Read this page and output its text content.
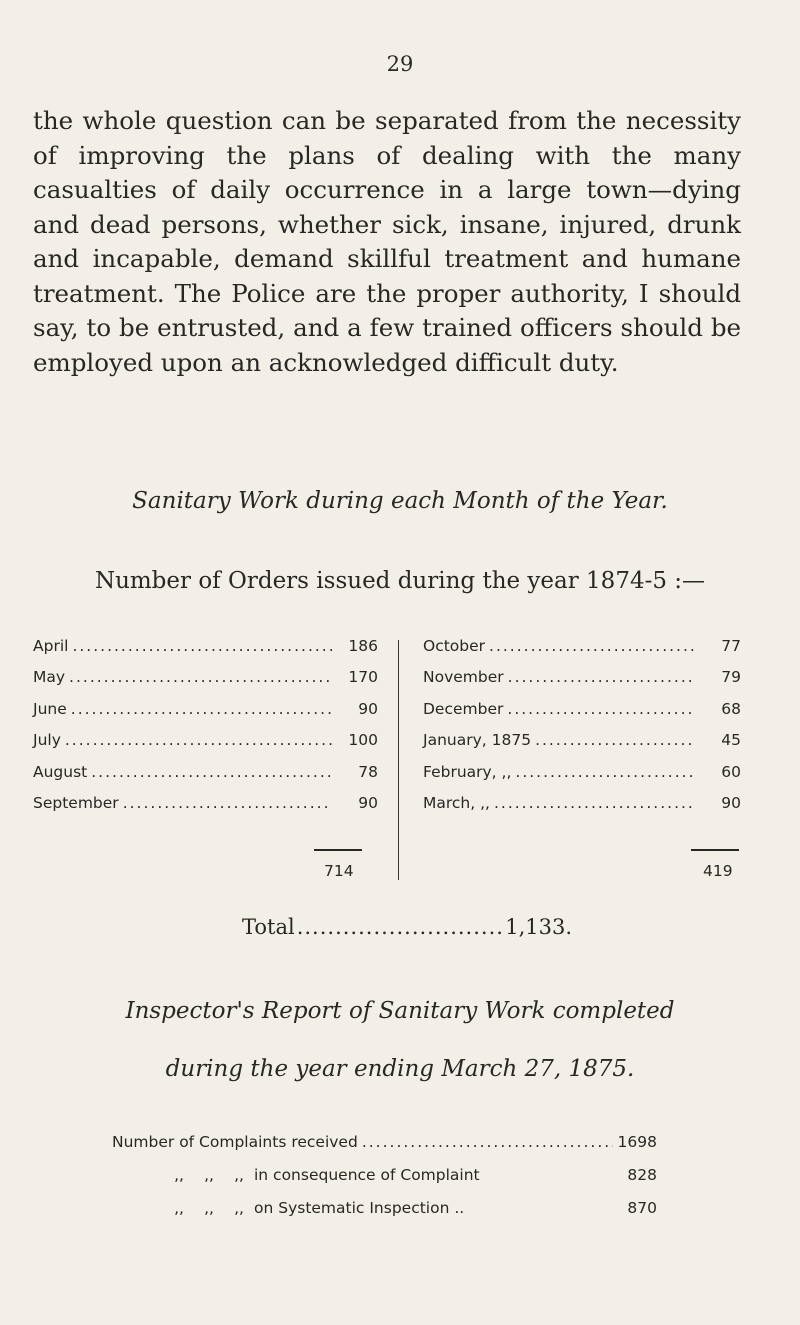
29

the whole question can be separated from the necessity of improving the plans of dealing with the many casualties of daily occurrence in a large town—dying and dead persons, whether sick, insane, injured, drunk and incapable, demand skillful treatment and humane treatment. The Police are the proper authority, I should say, to be entrusted, and a few trained officers should be employed upon an acknowledged difficult duty.

Sanitary Work during each Month of the Year.
Number of Orders issued during the year 1874-5 :—
April .....	186
May .....	170
June .....	90
July .....	100
August .....	78
September .....	90
October .....	77
November .....	79
December .....	68
January, 1875 .....	45
February, ,, .....	60
March, ,, .....	90
714	419
Total .....	1,133.
Inspector's Report of Sanitary Work completed
during the year ending March 27, 1875.
Number of Complaints received .....	1698
,,	,,	,, in consequence of Complaint	828
,,	,,	,, on Systematic Inspection ..	870
